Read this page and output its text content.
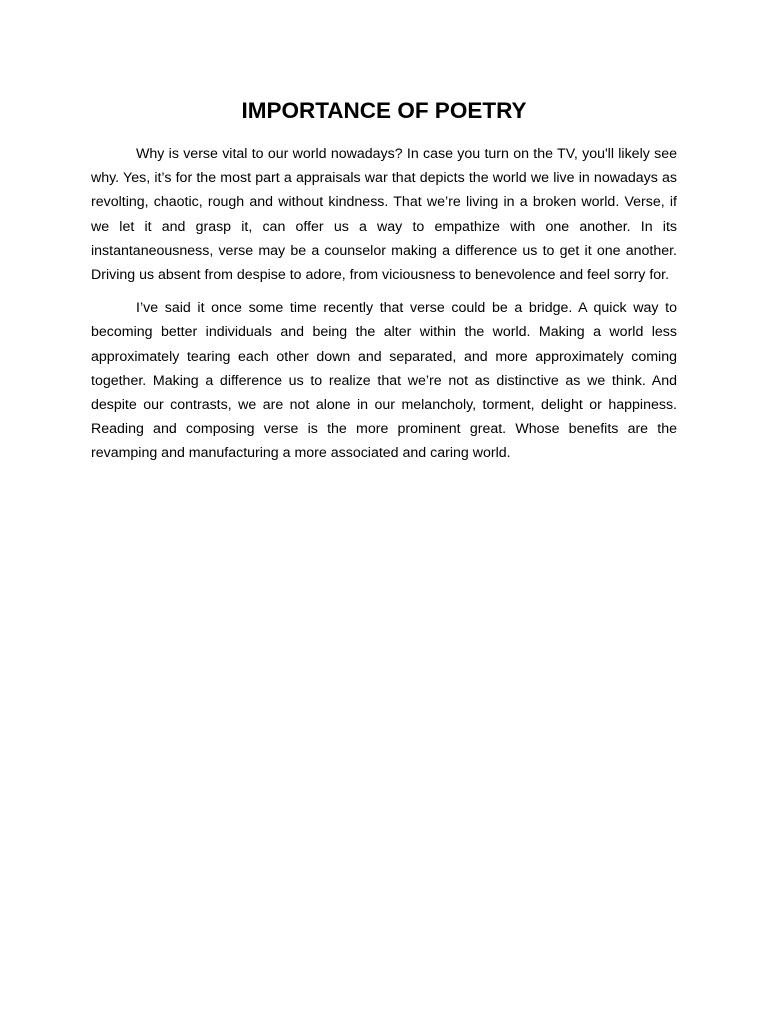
IMPORTANCE OF POETRY

Why is verse vital to our world nowadays? In case you turn on the TV, you'll likely see why. Yes, it’s for the most part a appraisals war that depicts the world we live in nowadays as revolting, chaotic, rough and without kindness. That we’re living in a broken world. Verse, if we let it and grasp it, can offer us a way to empathize with one another. In its instantaneousness, verse may be a counselor making a difference us to get it one another. Driving us absent from despise to adore, from viciousness to benevolence and feel sorry for.

I’ve said it once some time recently that verse could be a bridge. A quick way to becoming better individuals and being the alter within the world. Making a world less approximately tearing each other down and separated, and more approximately coming together. Making a difference us to realize that we’re not as distinctive as we think. And despite our contrasts, we are not alone in our melancholy, torment, delight or happiness. Reading and composing verse is the more prominent great. Whose benefits are the revamping and manufacturing a more associated and caring world.
